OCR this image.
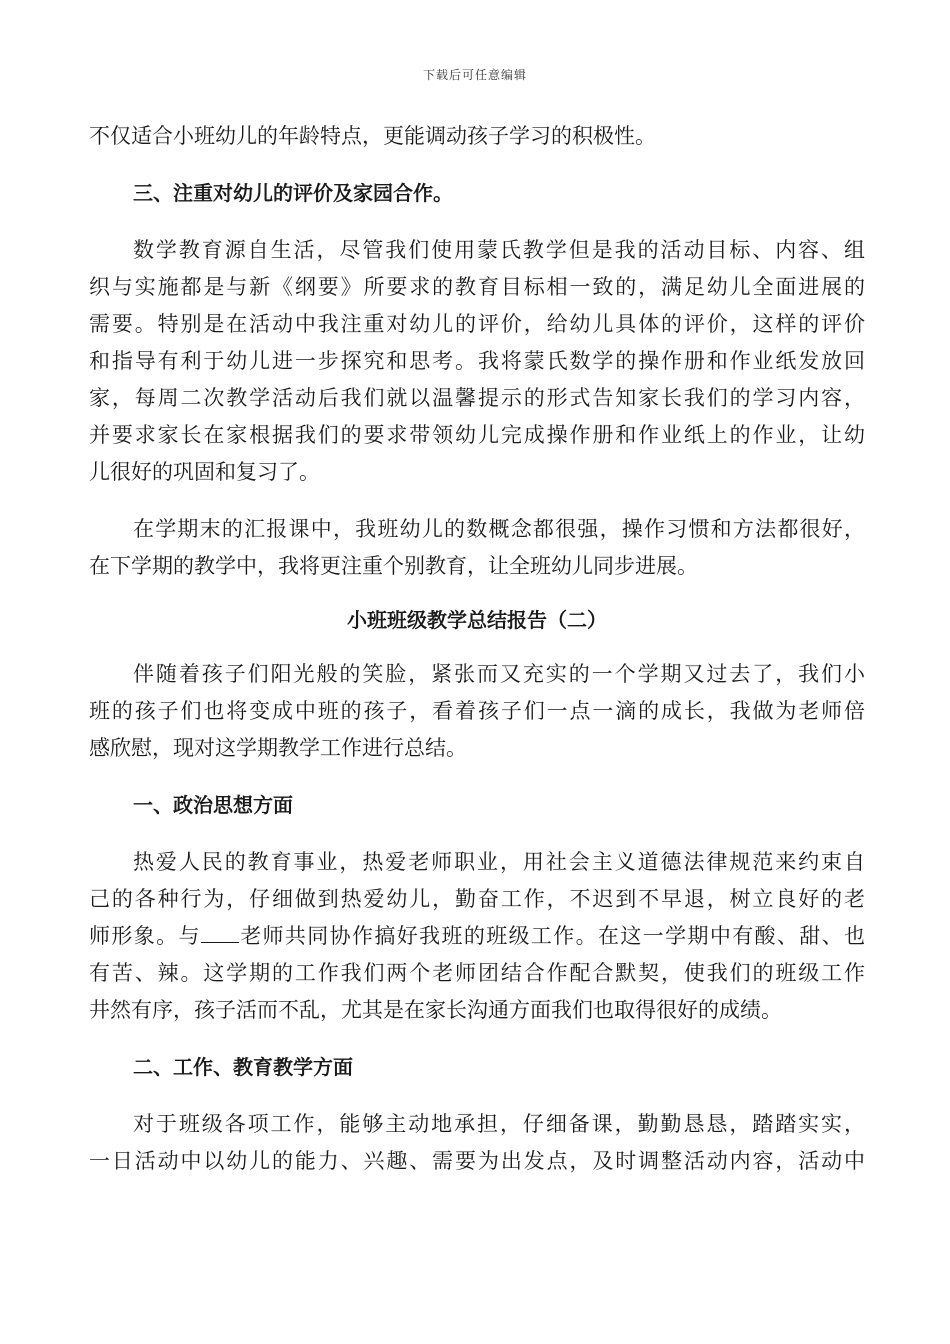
下载后可任意编辑
不仅适合小班幼儿的年龄特点，更能调动孩子学习的积极性。
三、注重对幼儿的评价及家园合作。
数学教育源自生活，尽管我们使用蒙氏教学但是我的活动目标、内容、组
织与实施都是与新《纲要》所要求的教育目标相一致的，满足幼儿全面进展的
需要。特别是在活动中我注重对幼儿的评价，给幼儿具体的评价，这样的评价
和指导有利于幼儿进一步探究和思考。我将蒙氏数学的操作册和作业纸发放回
家，每周二次教学活动后我们就以温馨提示的形式告知家长我们的学习内容，
并要求家长在家根据我们的要求带领幼儿完成操作册和作业纸上的作业，让幼
儿很好的巩固和复习了。
在学期末的汇报课中，我班幼儿的数概念都很强，操作习惯和方法都很好，
在下学期的教学中，我将更注重个别教育，让全班幼儿同步进展。
小班班级教学总结报告（二）
伴随着孩子们阳光般的笑脸，紧张而又充实的一个学期又过去了，我们小
班的孩子们也将变成中班的孩子，看着孩子们一点一滴的成长，我做为老师倍
感欣慰，现对这学期教学工作进行总结。
一、政治思想方面
热爱人民的教育事业，热爱老师职业，用社会主义道德法律规范来约束自
己的各种行为，仔细做到热爱幼儿，勤奋工作，不迟到不早退，树立良好的老
师形象。与 老师共同协作搞好我班的班级工作。在这一学期中有酸、甜、也
有苦、辣。这学期的工作我们两个老师团结合作配合默契，使我们的班级工作
井然有序，孩子活而不乱，尤其是在家长沟通方面我们也取得很好的成绩。
二、工作、教育教学方面
对于班级各项工作，能够主动地承担，仔细备课，勤勤恳恳，踏踏实实，
一日活动中以幼儿的能力、兴趣、需要为出发点，及时调整活动内容，活动中
